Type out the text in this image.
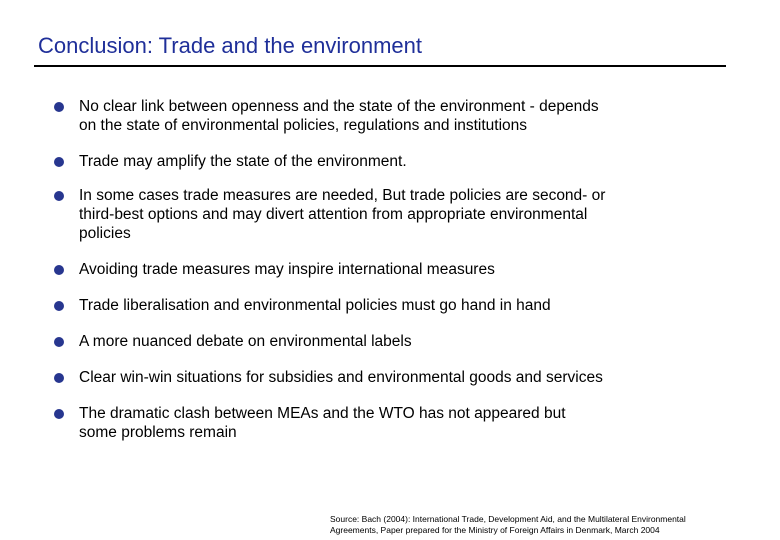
Conclusion: Trade and the environment
No clear link between openness and the state of the environment - depends
on the state of environmental policies, regulations and institutions
Trade may amplify the state of the environment.
In some cases trade measures are needed, But trade policies are second- or
third-best options and may divert attention from appropriate environmental
policies
Avoiding trade measures may inspire international measures
Trade liberalisation and environmental policies must go hand in hand
A more nuanced debate on environmental labels
Clear win-win situations for subsidies and environmental goods and services
The dramatic clash between MEAs and the WTO has not appeared but
some problems remain
Source: Bach (2004): International Trade, Development Aid, and the Multilateral Environmental
Agreements, Paper prepared for the Ministry of Foreign Affairs in Denmark, March 2004
